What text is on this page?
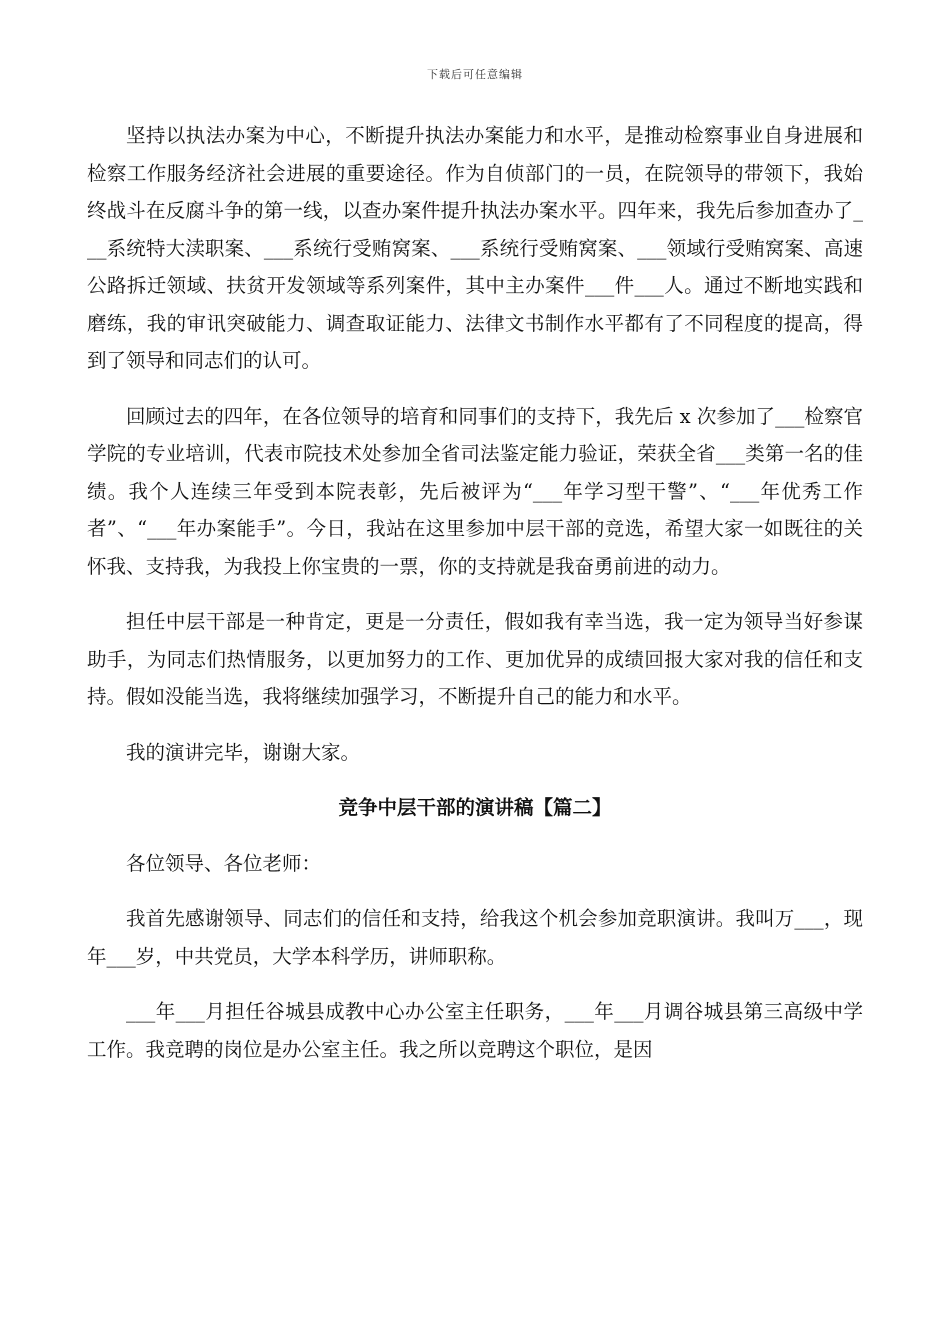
下载后可任意编辑

坚持以执法办案为中心，不断提升执法办案能力和水平，是推动检察事业自身进展和检察工作服务经济社会进展的重要途径。作为自侦部门的一员，在院领导的带领下，我始终战斗在反腐斗争的第一线，以查办案件提升执法办案水平。四年来，我先后参加查办了___系统特大渎职案、___系统行受贿窝案、___系统行受贿窝案、___领域行受贿窝案、高速公路拆迁领域、扶贫开发领域等系列案件，其中主办案件___件___人。通过不断地实践和磨练，我的审讯突破能力、调查取证能力、法律文书制作水平都有了不同程度的提高，得到了领导和同志们的认可。

回顾过去的四年，在各位领导的培育和同事们的支持下，我先后 x 次参加了___检察官学院的专业培训，代表市院技术处参加全省司法鉴定能力验证，荣获全省___类第一名的佳绩。我个人连续三年受到本院表彰，先后被评为“___年学习型干警”、“___年优秀工作者”、“___年办案能手”。今日，我站在这里参加中层干部的竞选，希望大家一如既往的关怀我、支持我，为我投上你宝贵的一票，你的支持就是我奋勇前进的动力。

担任中层干部是一种肯定，更是一分责任，假如我有幸当选，我一定为领导当好参谋助手，为同志们热情服务，以更加努力的工作、更加优异的成绩回报大家对我的信任和支持。假如没能当选，我将继续加强学习，不断提升自己的能力和水平。

我的演讲完毕，谢谢大家。

竞争中层干部的演讲稿【篇二】

各位领导、各位老师：

我首先感谢领导、同志们的信任和支持，给我这个机会参加竞职演讲。我叫万___，现年___岁，中共党员，大学本科学历，讲师职称。

___年___月担任谷城县成教中心办公室主任职务，___年___月调谷城县第三高级中学工作。我竞聘的岗位是办公室主任。我之所以竞聘这个职位，是因
